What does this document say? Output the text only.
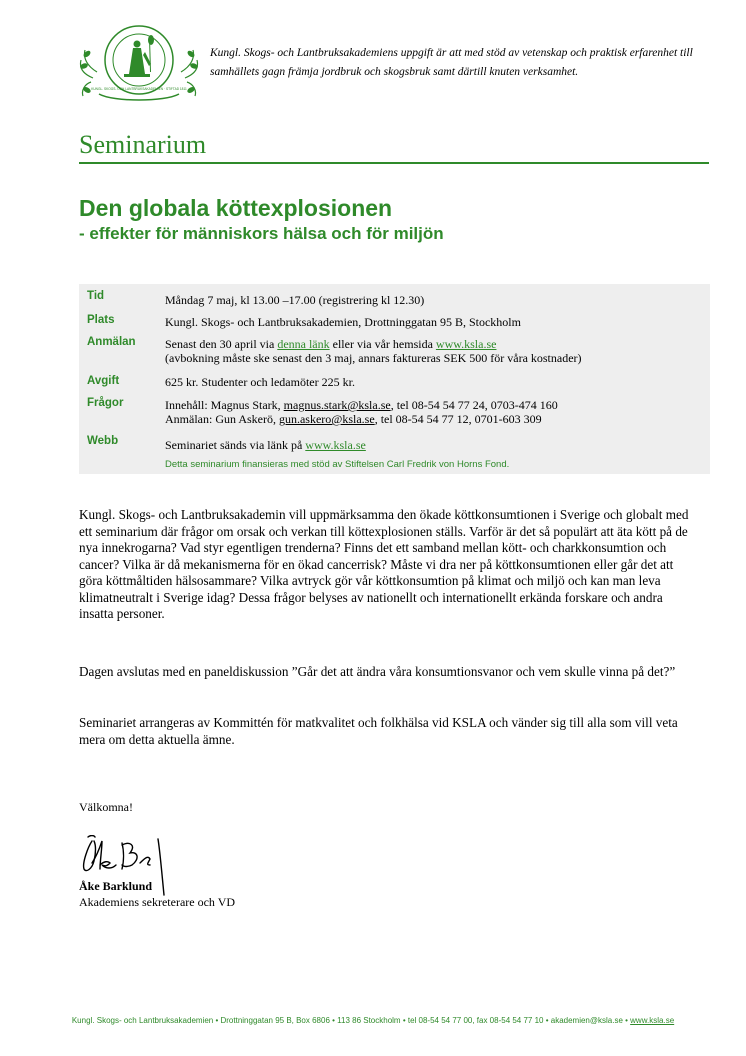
KUNGL. SKOGS- OCH LANTBRUKSAKADEMIEN · STIFTAD 1811
Kungl. Skogs- och Lantbruksakademiens uppgift är att med stöd av vetenskap och praktisk erfarenhet till samhällets gagn främja jordbruk och skogsbruk samt därtill knuten verksamhet.
Seminarium
Den globala köttexplosionen
- effekter för människors hälsa och för miljön
Tid	Måndag 7 maj, kl 13.00 –17.00 (registrering kl 12.30)
Plats	Kungl. Skogs- och Lantbruksakademien, Drottninggatan 95 B, Stockholm
Anmälan Senast den 30 april via denna länk eller via vår hemsida www.ksla.se
(avbokning måste ske senast den 3 maj, annars faktureras SEK 500 för våra kostnader)
Avgift	625 kr. Studenter och ledamöter 225 kr.
Frågor	Innehåll: Magnus Stark, magnus.stark@ksla.se, tel 08-54 54 77 24, 0703-474 160
Anmälan: Gun Askerö, gun.askero@ksla.se, tel 08-54 54 77 12, 0701-603 309
Webb	Seminariet sänds via länk på www.ksla.se
Detta seminarium finansieras med stöd av Stiftelsen Carl Fredrik von Horns Fond.

Kungl. Skogs- och Lantbruksakademin vill uppmärksamma den ökade köttkonsumtionen i Sverige och globalt med ett seminarium där frågor om orsak och verkan till köttexplosionen ställs. Varför är det så populärt att äta kött på de nya innekrogarna? Vad styr egentligen trenderna? Finns det ett samband mellan kött- och charkkonsumtion och cancer? Vilka är då mekanismerna för en ökad cancerrisk? Måste vi dra ner på köttkonsumtionen eller går det att göra köttmåltiden hälsosammare? Vilka avtryck gör vår köttkonsumtion på klimat och miljö och kan man leva klimatneutralt i Sverige idag? Dessa frågor belyses av nationellt och internationellt erkända forskare och andra insatta personer.

Dagen avslutas med en paneldiskussion ”Går det att ändra våra konsumtionsvanor och vem skulle vinna på det?”

Seminariet arrangeras av Kommittén för matkvalitet och folkhälsa vid KSLA och vänder sig till alla som vill veta mera om detta aktuella ämne.

Välkomna!
Åke Barklund
Akademiens sekreterare och VD
Kungl. Skogs- och Lantbruksakademien • Drottninggatan 95 B, Box 6806 • 113 86 Stockholm • tel 08-54 54 77 00, fax 08-54 54 77 10 • akademien@ksla.se • www.ksla.se
